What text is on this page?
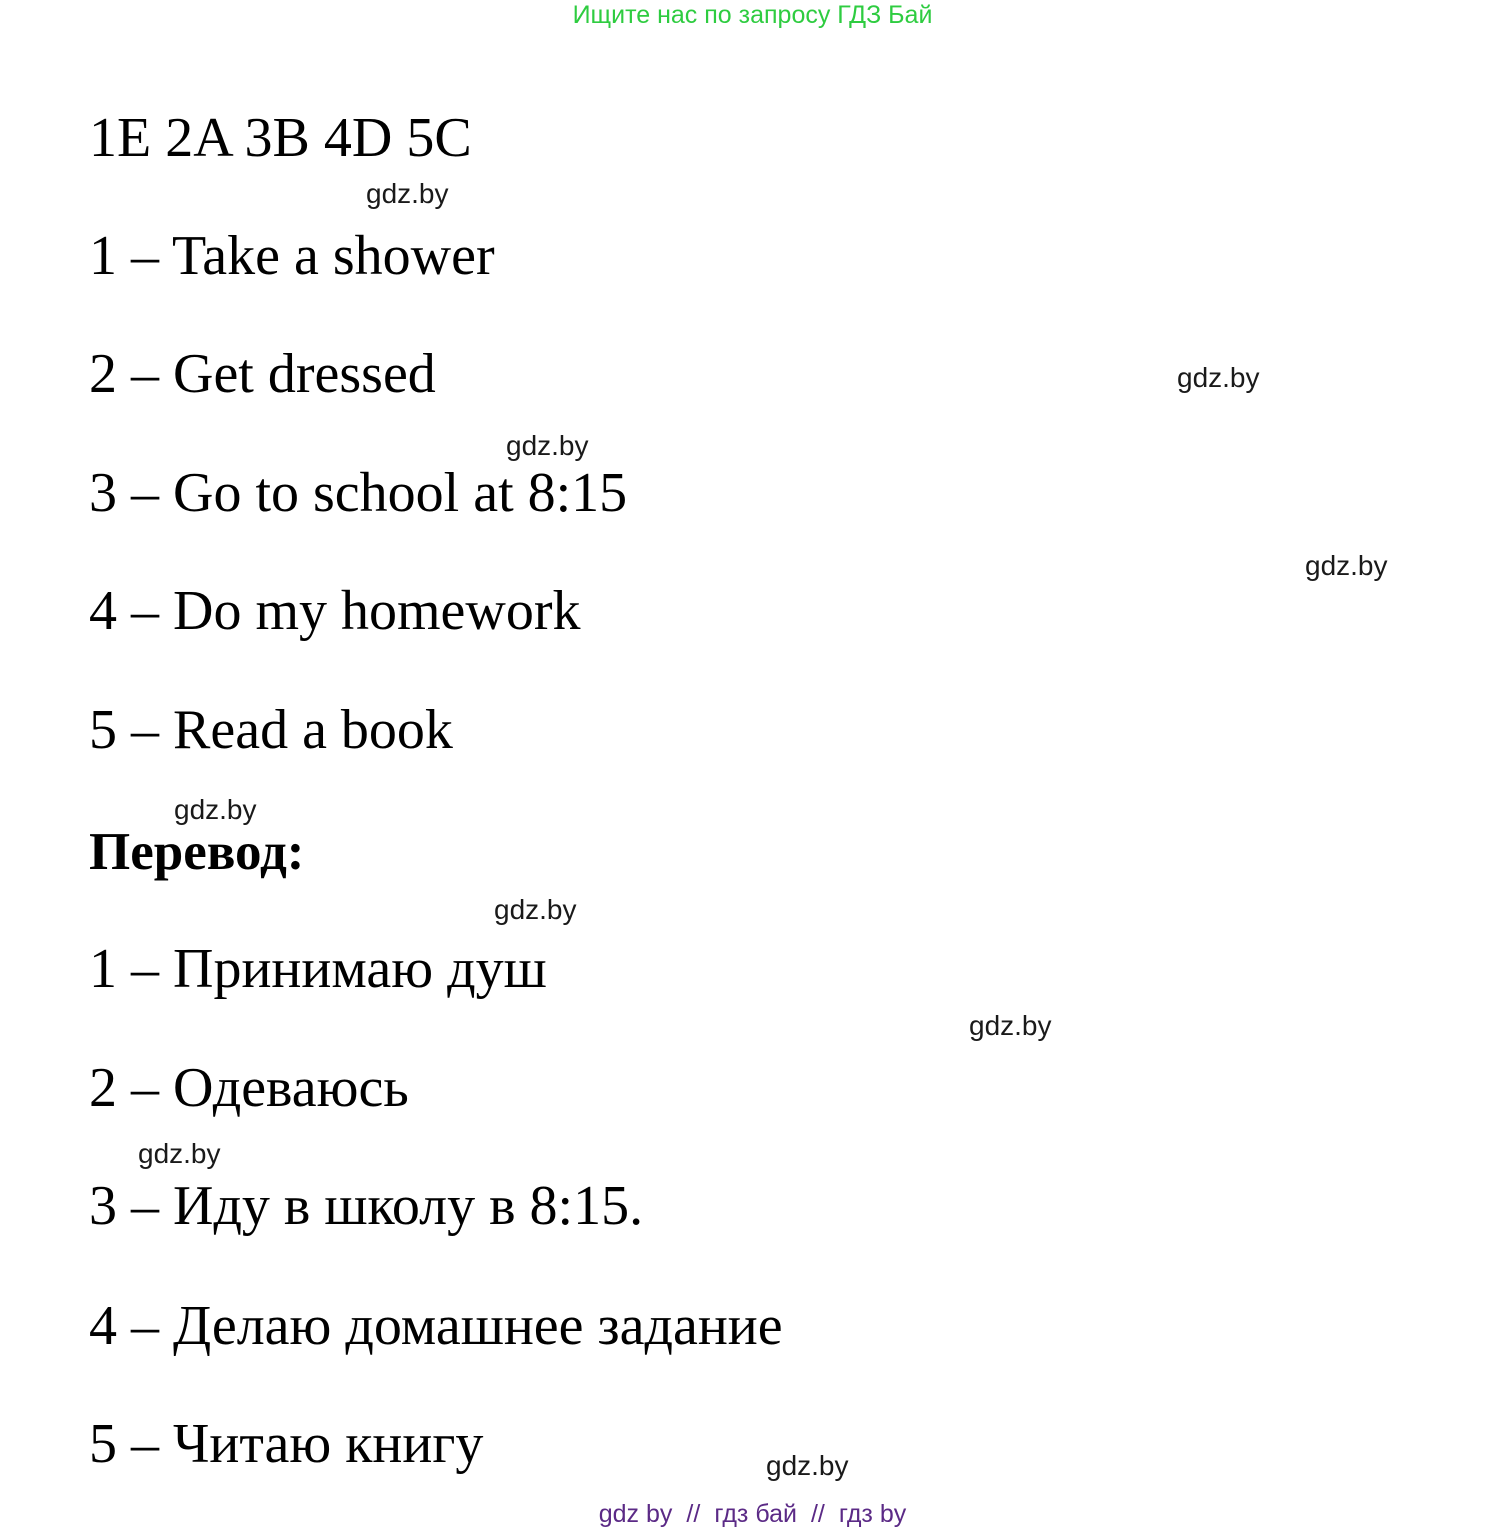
Ищите нас по запросу ГДЗ Бай
1E 2A 3B 4D 5C
gdz.by
1 – Take a shower
2 – Get dressed	gdz.by
gdz.by
3 – Go to school at 8:15
gdz.by
4 – Do my homework
5 – Read a book
gdz.by
Перевод:
gdz.by
1 – Принимаю душ
gdz.by
2 – Одеваюсь
gdz.by
3 – Иду в школу в 8:15.
4 – Делаю домашнее задание
5 – Читаю книгу	gdz.by
gdz by // гдз бай // гдз by
